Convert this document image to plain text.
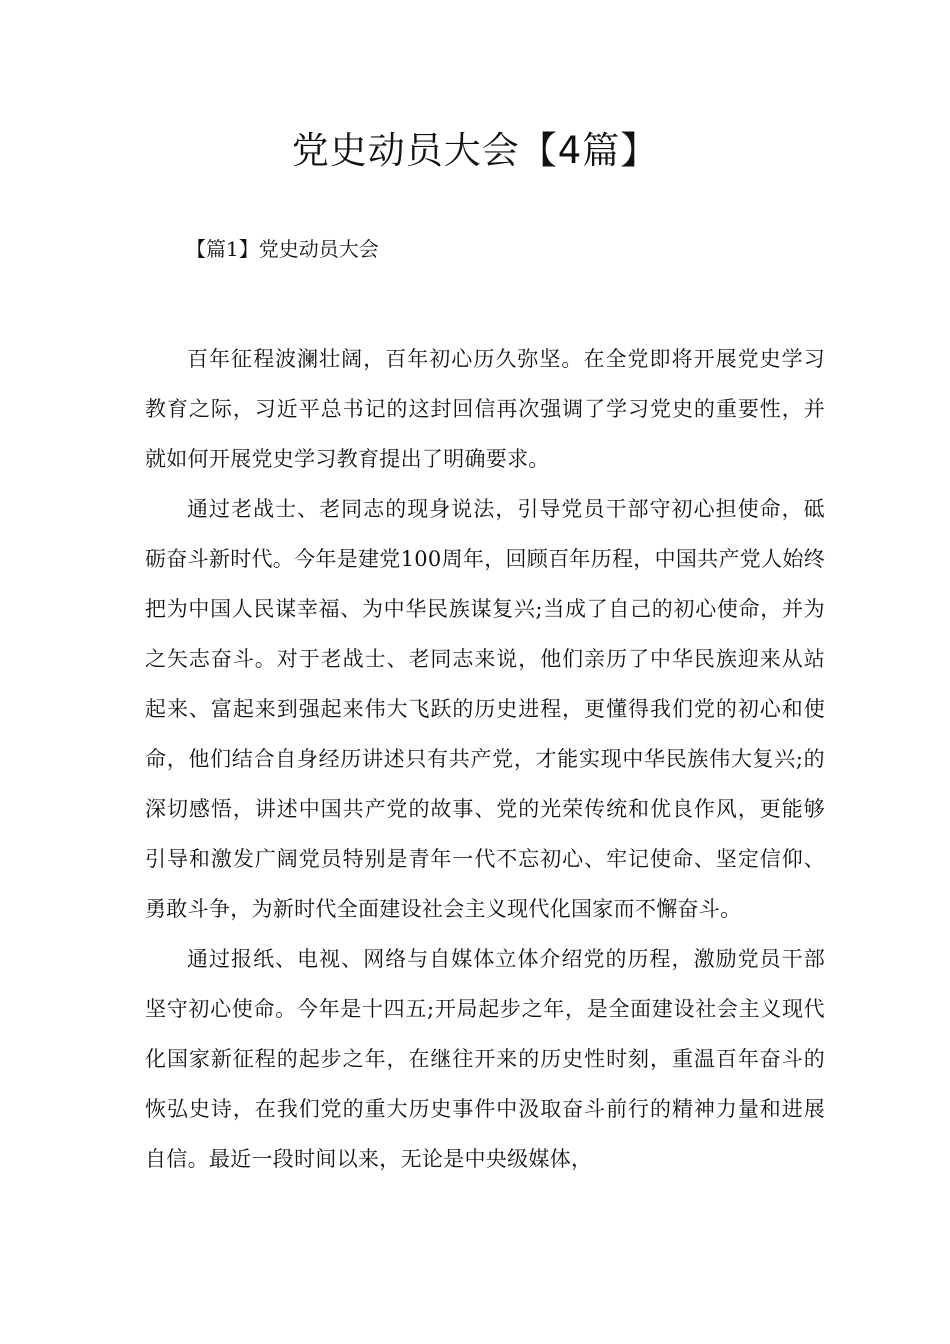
党史动员大会【4篇】

【篇1】党史动员大会

百年征程波澜壮阔，百年初心历久弥坚。在全党即将开展党史学习教育之际，习近平总书记的这封回信再次强调了学习党史的重要性，并就如何开展党史学习教育提出了明确要求。

通过老战士、老同志的现身说法，引导党员干部守初心担使命，砥砺奋斗新时代。今年是建党100周年，回顾百年历程，中国共产党人始终把为中国人民谋幸福、为中华民族谋复兴;当成了自己的初心使命，并为之矢志奋斗。对于老战士、老同志来说，他们亲历了中华民族迎来从站起来、富起来到强起来伟大飞跃的历史进程，更懂得我们党的初心和使命，他们结合自身经历讲述只有共产党，才能实现中华民族伟大复兴;的深切感悟，讲述中国共产党的故事、党的光荣传统和优良作风，更能够引导和激发广阔党员特别是青年一代不忘初心、牢记使命、坚定信仰、勇敢斗争，为新时代全面建设社会主义现代化国家而不懈奋斗。

通过报纸、电视、网络与自媒体立体介绍党的历程，激励党员干部坚守初心使命。今年是十四五;开局起步之年，是全面建设社会主义现代化国家新征程的起步之年，在继往开来的历史性时刻，重温百年奋斗的恢弘史诗，在我们党的重大历史事件中汲取奋斗前行的精神力量和进展自信。最近一段时间以来，无论是中央级媒体，
